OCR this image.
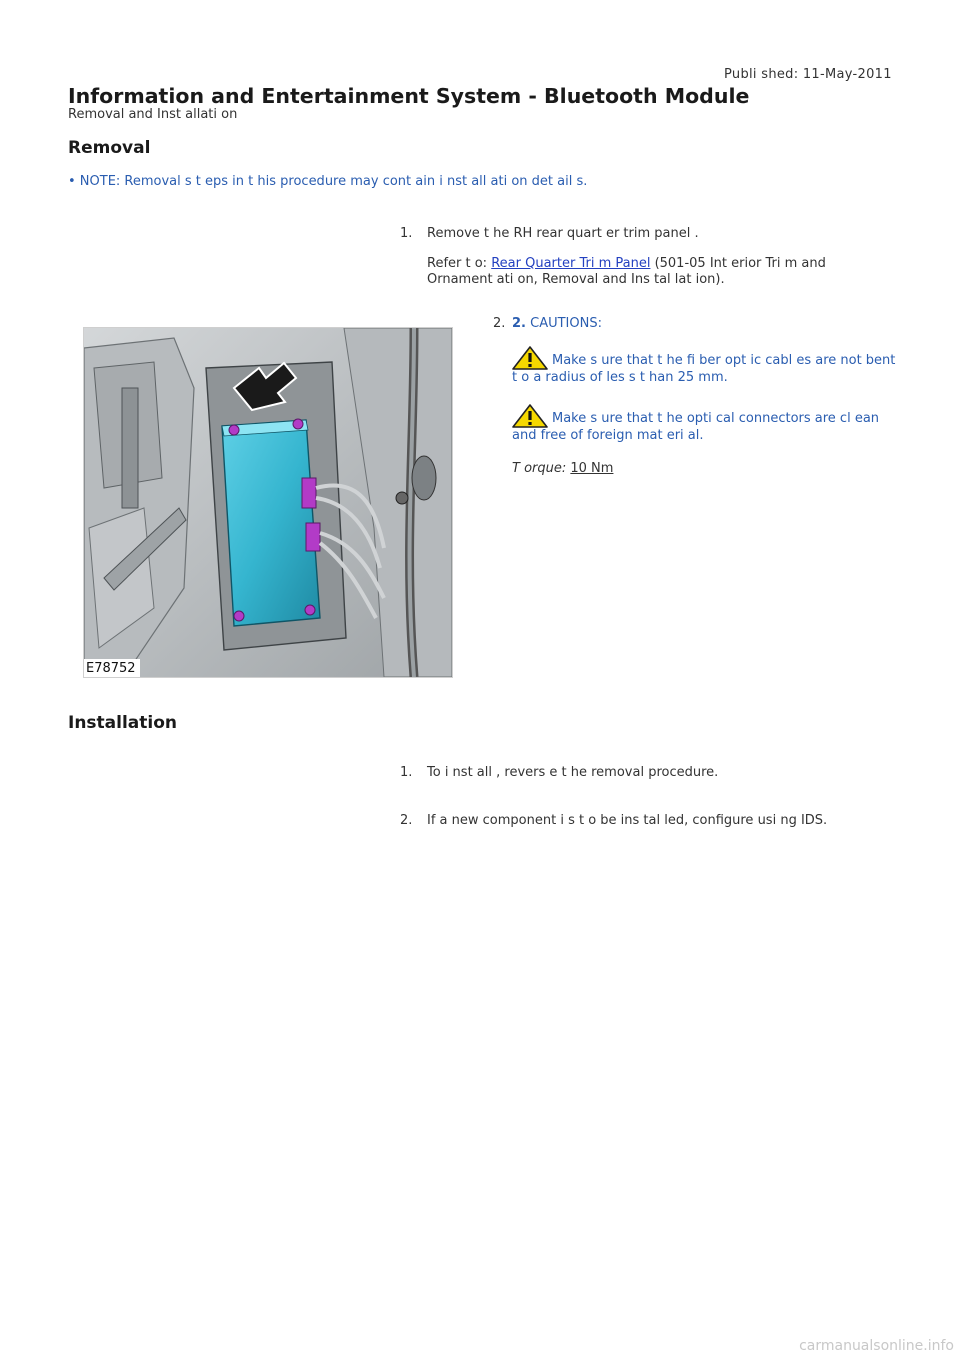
Publi shed: 11-May-2011
Information and Entertainment System - Bluetooth Module
Removal and Inst allati on
Removal
• NOTE: Removal s t eps in t his procedure may cont ain i nst all ati on det ail s.
1. Remove t he RH rear quart er trim panel .
Refer t o: Rear Quarter Tri m Panel (501-05 Int erior Tri m and
Ornament ati on, Removal and Ins tal lat ion).
2. 2. CAUTIONS:
Make s ure that t he fi ber opt ic cabl es are not bent
t o a radius of les s t han 25 mm.
Make s ure that t he opti cal connectors are cl ean
and free of foreign mat eri al.
T orque: 10 Nm
E78752
Installation
1. To i nst all , revers e t he removal procedure.
2. If a new component i s t o be ins tal led, configure usi ng IDS.
carmanualsonline.info
